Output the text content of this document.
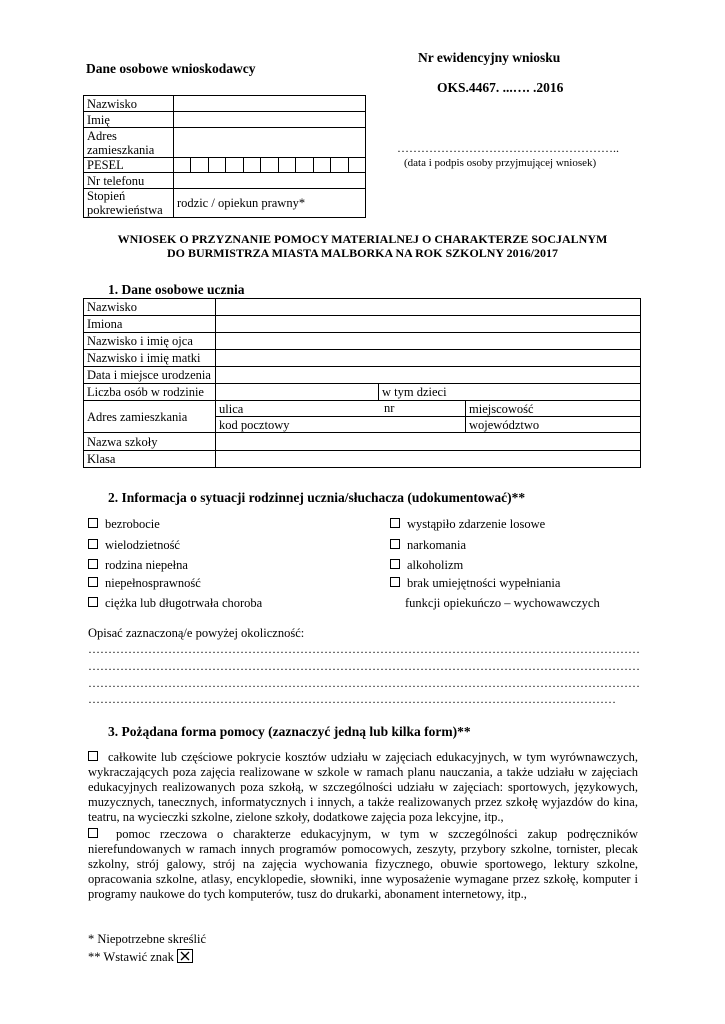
Dane osobowe wnioskodawcy
Nr ewidencyjny wniosku
OKS.4467. ...…. .2016
………………………………………………..
(data i podpis osoby przyjmującej wniosek)
Nazwisko	
Imię	
Adres zamieszkania	
PESEL	

Nr telefonu	
Stopień pokrewieństwa	rodzic / opiekun prawny*
WNIOSEK O PRZYZNANIE POMOCY MATERIALNEJ O CHARAKTERZE SOCJALNYM
DO BURMISTRZA MIASTA MALBORKA NA ROK SZKOLNY 2016/2017
1. Dane osobowe ucznia
Nazwisko			
Imiona			
Nazwisko i imię ojca			
Nazwisko i imię matki			
Data i miejsce urodzenia			
Liczba osób w rodzinie		w tym dzieci	
Adres zamieszkania	ulica nr		miejscowość
	kod pocztowy		województwo
Nazwa szkoły			
Klasa			
2. Informacja o sytuacji rodzinnej ucznia/słuchacza (udokumentować)**
bezrobocie
wielodzietność
rodzina niepełna
niepełnosprawność
ciężka lub długotrwała choroba
wystąpiło zdarzenie losowe
narkomania
alkoholizm
brak umiejętności wypełniania
funkcji opiekuńczo – wychowawczych
Opisać zaznaczoną/e powyżej okoliczność:
…………………………………………………………………………………………………………………………
…………………………………………………………………………………………………………………………
…………………………………………………………………………………………………………………………
……………………………………………………………………………………………………………………
3. Pożądana forma pomocy (zaznaczyć jedną lub kilka form)**
całkowite lub częściowe pokrycie kosztów udziału w zajęciach edukacyjnych, w tym wyrównawczych,
wykraczających poza zajęcia realizowane w szkole w ramach planu nauczania, a także udziału w zajęciach
edukacyjnych realizowanych poza szkołą, w szczególności udziału w zajęciach: sportowych, językowych,
muzycznych, tanecznych, informatycznych i innych, a także realizowanych przez szkołę wyjazdów do kina,
teatru, na wycieczki szkolne, zielone szkoły, dodatkowe zajęcia poza lekcyjne, itp.,
pomoc rzeczowa o charakterze edukacyjnym, w tym w szczególności zakup podręczników
nierefundowanych w ramach innych programów pomocowych, zeszyty, przybory szkolne, tornister, plecak
szkolny, strój galowy, strój na zajęcia wychowania fizycznego, obuwie sportowego, lektury szkolne,
opracowania szkolne, atlasy, encyklopedie, słowniki, inne wyposażenie wymagane przez szkołę, komputer i
programy naukowe do tych komputerów, tusz do drukarki, abonament internetowy, itp.,
* Niepotrzebne skreślić
** Wstawić znak
